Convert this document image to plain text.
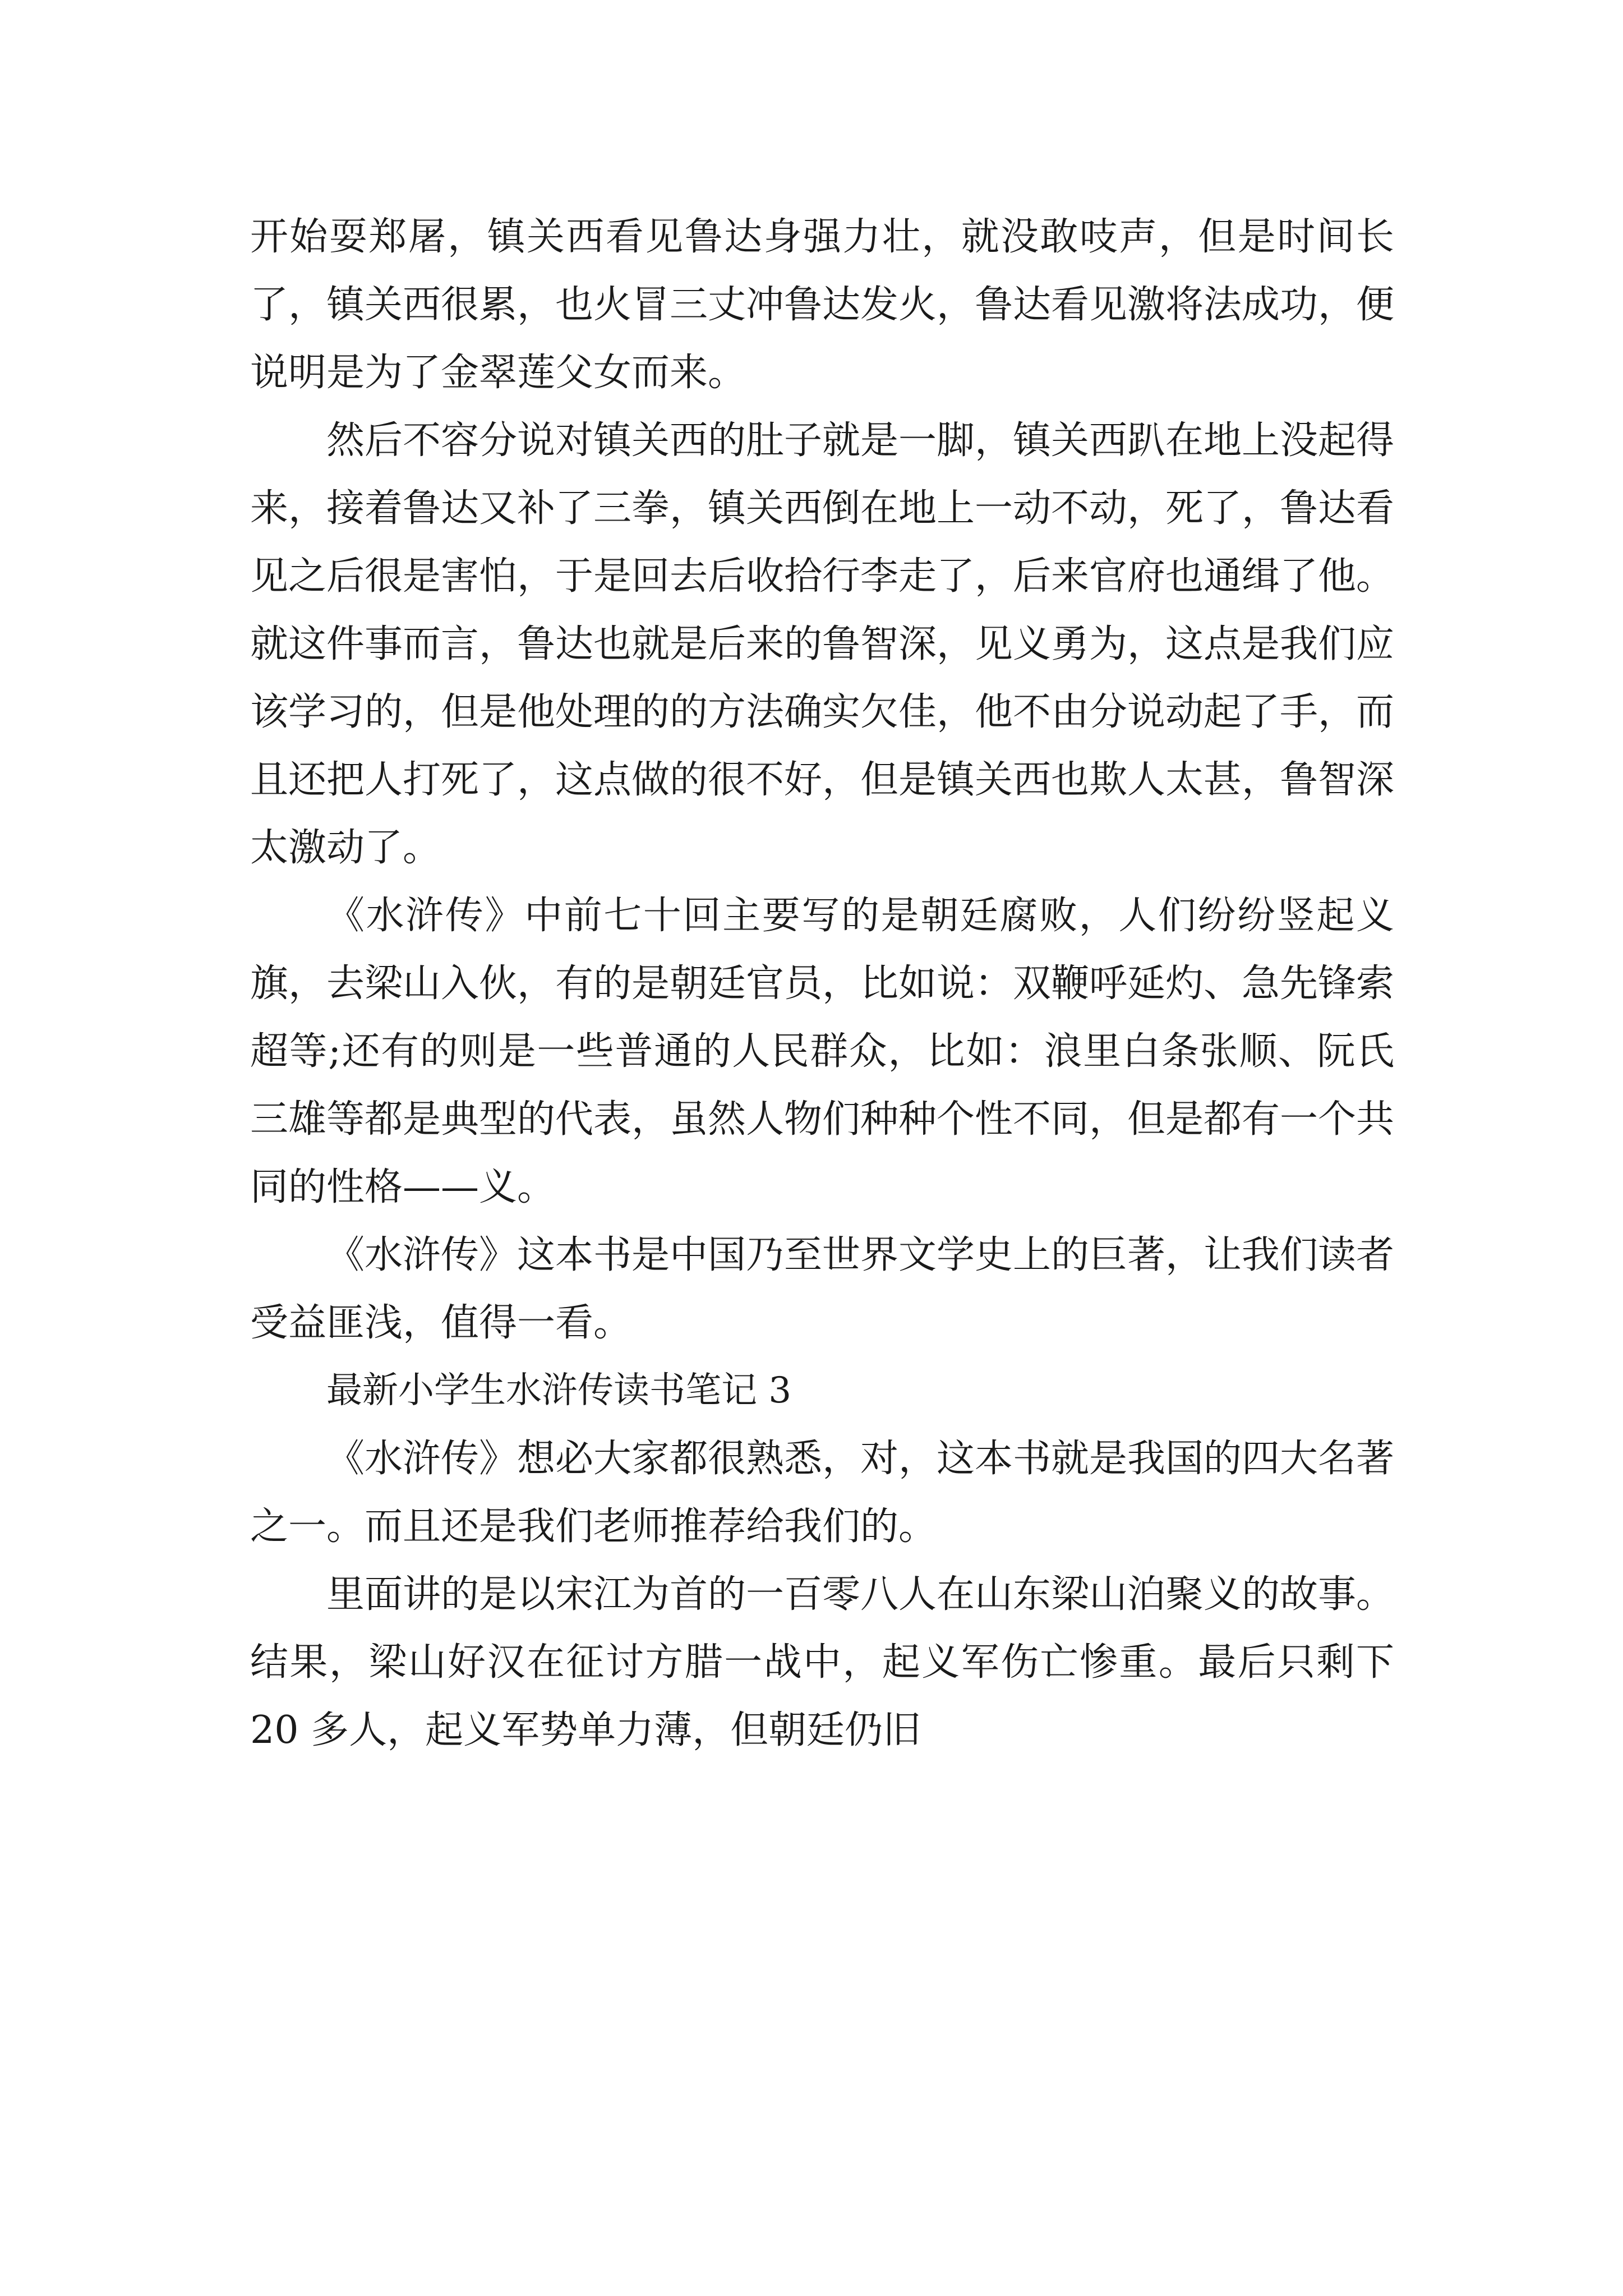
开始耍郑屠，镇关西看见鲁达身强力壮，就没敢吱声，但是时间长了，镇关西很累，也火冒三丈冲鲁达发火，鲁达看见激将法成功，便说明是为了金翠莲父女而来。

然后不容分说对镇关西的肚子就是一脚，镇关西趴在地上没起得来，接着鲁达又补了三拳，镇关西倒在地上一动不动，死了，鲁达看见之后很是害怕，于是回去后收拾行李走了，后来官府也通缉了他。就这件事而言，鲁达也就是后来的鲁智深，见义勇为，这点是我们应该学习的，但是他处理的的方法确实欠佳，他不由分说动起了手，而且还把人打死了，这点做的很不好，但是镇关西也欺人太甚，鲁智深太激动了。

《水浒传》中前七十回主要写的是朝廷腐败，人们纷纷竖起义旗，去梁山入伙，有的是朝廷官员，比如说：双鞭呼延灼、急先锋索超等;还有的则是一些普通的人民群众，比如：浪里白条张顺、阮氏三雄等都是典型的代表，虽然人物们种种个性不同，但是都有一个共同的性格——义。

《水浒传》这本书是中国乃至世界文学史上的巨著，让我们读者受益匪浅，值得一看。

最新小学生水浒传读书笔记 3

《水浒传》想必大家都很熟悉，对，这本书就是我国的四大名著之一。而且还是我们老师推荐给我们的。

里面讲的是以宋江为首的一百零八人在山东梁山泊聚义的故事。结果，梁山好汉在征讨方腊一战中，起义军伤亡惨重。最后只剩下 20 多人，起义军势单力薄，但朝廷仍旧
